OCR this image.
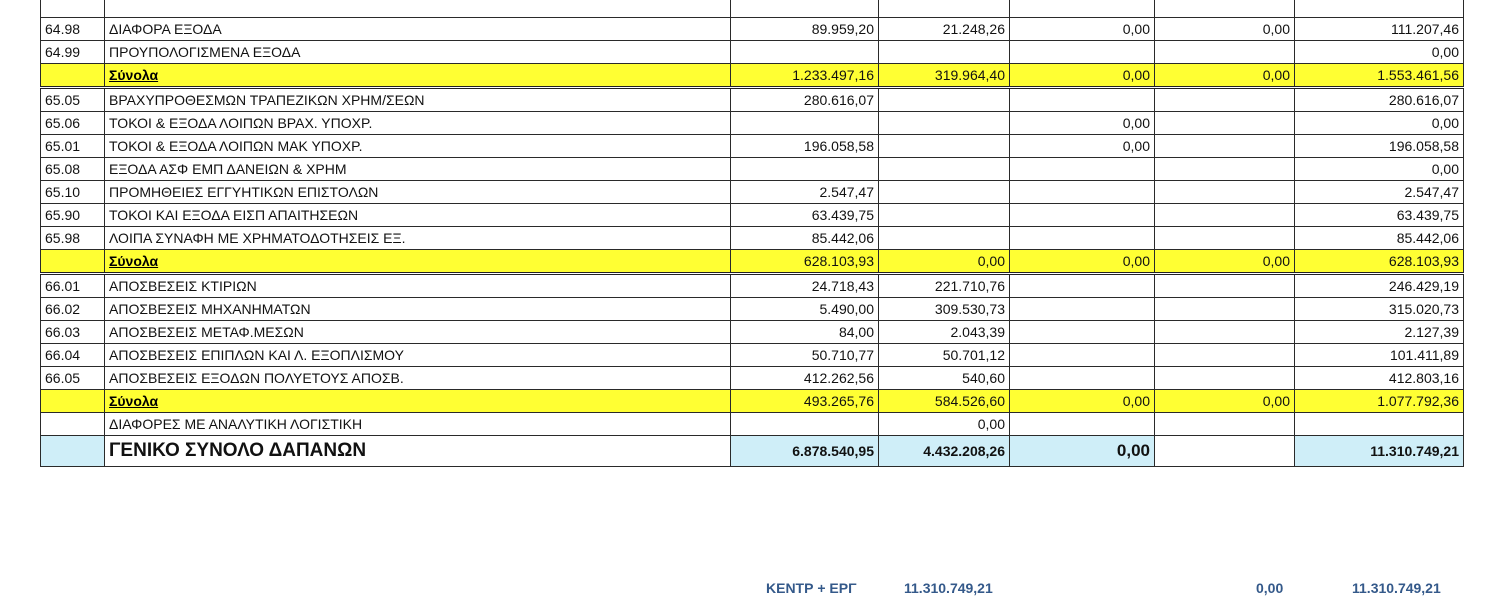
64.98	ΔΙΑΦΟΡΑ ΕΞΟΔΑ	89.959,20	21.248,26	0,00	0,00	111.207,46
64.99	ΠΡΟΥΠΟΛΟΓΙΣΜΕΝΑ ΕΞΟΔΑ					0,00
	Σύνολα	1.233.497,16	319.964,40	0,00	0,00	1.553.461,56
65.05	ΒΡΑΧΥΠΡΟΘΕΣΜΩΝ ΤΡΑΠΕΖΙΚΩΝ ΧΡΗΜ/ΣΕΩΝ	280.616,07				280.616,07
65.06	ΤΟΚΟΙ & ΕΞΟΔΑ ΛΟΙΠΩΝ ΒΡΑΧ. ΥΠΟΧΡ.			0,00		0,00
65.01	ΤΟΚΟΙ & ΕΞΟΔΑ ΛΟΙΠΩΝ ΜΑΚ ΥΠΟΧΡ.	196.058,58		0,00		196.058,58
65.08	ΕΞΟΔΑ ΑΣΦ ΕΜΠ ΔΑΝΕΙΩΝ & ΧΡΗΜ					0,00
65.10	ΠΡΟΜΗΘΕΙΕΣ ΕΓΓΥΗΤΙΚΩΝ ΕΠΙΣΤΟΛΩΝ	2.547,47				2.547,47
65.90	ΤΟΚΟΙ ΚΑΙ ΕΞΟΔΑ ΕΙΣΠ ΑΠΑΙΤΗΣΕΩΝ	63.439,75				63.439,75
65.98	ΛΟΙΠΑ ΣΥΝΑΦΗ ΜΕ ΧΡΗΜΑΤΟΔΟΤΗΣΕΙΣ ΕΞ.	85.442,06				85.442,06
	Σύνολα	628.103,93	0,00	0,00	0,00	628.103,93
66.01	ΑΠΟΣΒΕΣΕΙΣ ΚΤΙΡΙΩΝ	24.718,43	221.710,76			246.429,19
66.02	ΑΠΟΣΒΕΣΕΙΣ ΜΗΧΑΝΗΜΑΤΩΝ	5.490,00	309.530,73			315.020,73
66.03	ΑΠΟΣΒΕΣΕΙΣ ΜΕΤΑΦ.ΜΕΣΩΝ	84,00	2.043,39			2.127,39
66.04	ΑΠΟΣΒΕΣΕΙΣ ΕΠΙΠΛΩΝ ΚΑΙ Λ. ΕΞΟΠΛΙΣΜΟΥ	50.710,77	50.701,12			101.411,89
66.05	ΑΠΟΣΒΕΣΕΙΣ ΕΞΟΔΩΝ ΠΟΛΥΕΤΟΥΣ ΑΠΟΣΒ.	412.262,56	540,60			412.803,16
	Σύνολα	493.265,76	584.526,60	0,00	0,00	1.077.792,36
	ΔΙΑΦΟΡΕΣ ΜΕ ΑΝΑΛΥΤΙΚΗ ΛΟΓΙΣΤΙΚΗ		0,00			
	ΓΕΝΙΚΟ ΣΥΝΟΛΟ ΔΑΠΑΝΩΝ	6.878.540,95	4.432.208,26	0,00		11.310.749,21
ΚΕΝΤΡ + ΕΡΓ	11.310.749,21	0,00	11.310.749,21
